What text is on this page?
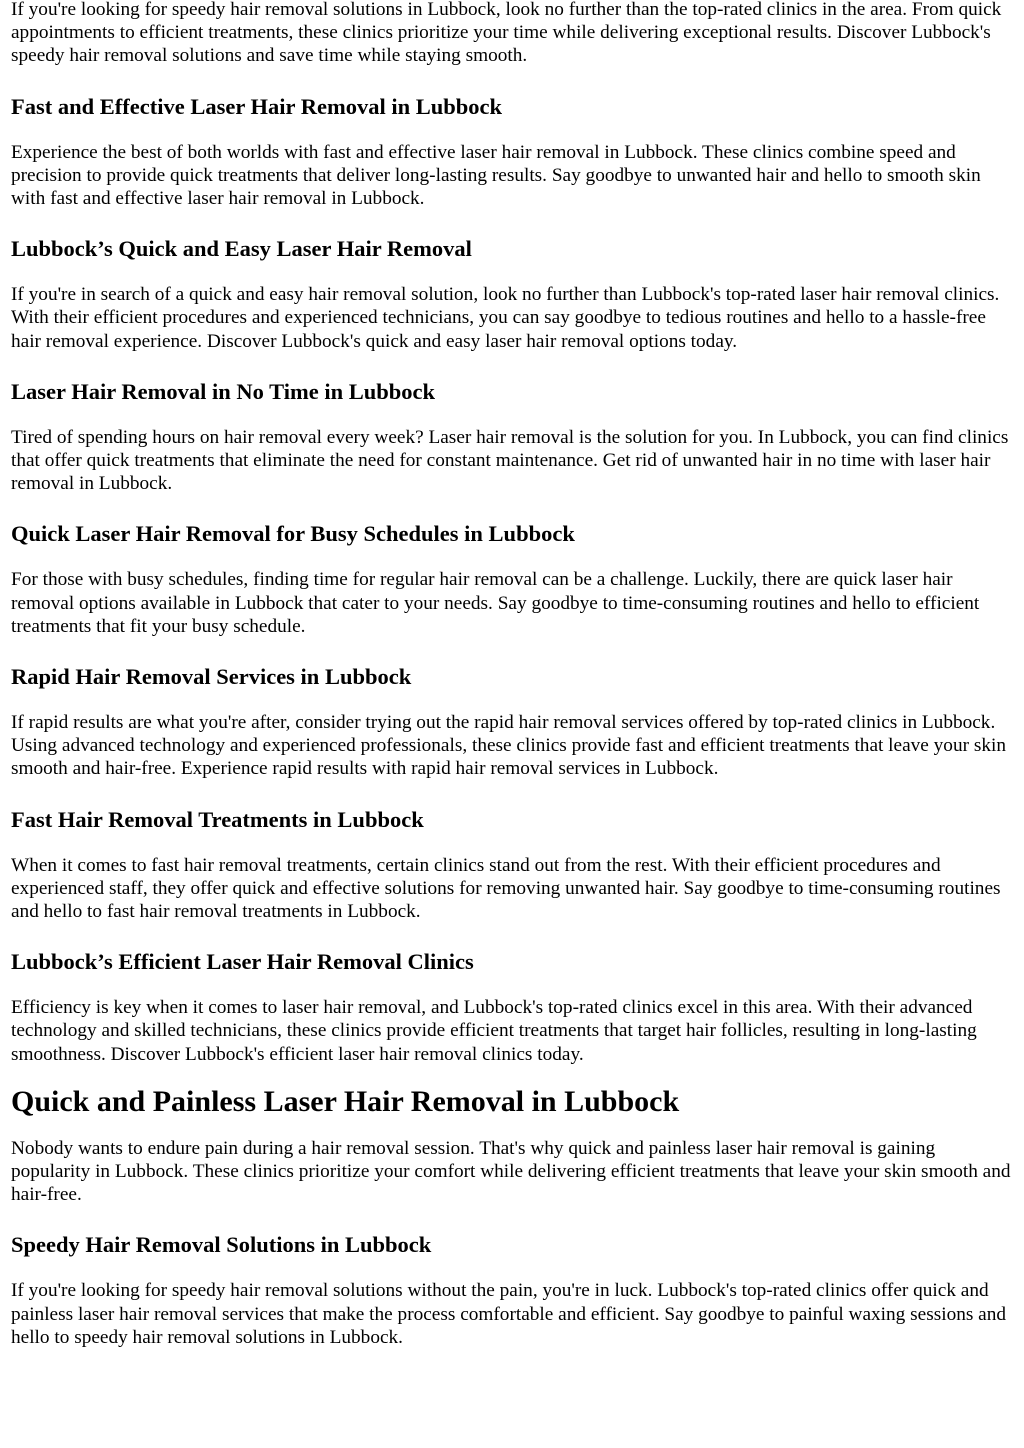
If you're looking for speedy hair removal solutions in Lubbock, look no further than the top-rated clinics in the area. From quick appointments to efficient treatments, these clinics prioritize your time while delivering exceptional results. Discover Lubbock's speedy hair removal solutions and save time while staying smooth.

Fast and Effective Laser Hair Removal in Lubbock

Experience the best of both worlds with fast and effective laser hair removal in Lubbock. These clinics combine speed and precision to provide quick treatments that deliver long-lasting results. Say goodbye to unwanted hair and hello to smooth skin with fast and effective laser hair removal in Lubbock.

Lubbock’s Quick and Easy Laser Hair Removal

If you're in search of a quick and easy hair removal solution, look no further than Lubbock's top-rated laser hair removal clinics. With their efficient procedures and experienced technicians, you can say goodbye to tedious routines and hello to a hassle-free hair removal experience. Discover Lubbock's quick and easy laser hair removal options today.

Laser Hair Removal in No Time in Lubbock

Tired of spending hours on hair removal every week? Laser hair removal is the solution for you. In Lubbock, you can find clinics that offer quick treatments that eliminate the need for constant maintenance. Get rid of unwanted hair in no time with laser hair removal in Lubbock.

Quick Laser Hair Removal for Busy Schedules in Lubbock

For those with busy schedules, finding time for regular hair removal can be a challenge. Luckily, there are quick laser hair removal options available in Lubbock that cater to your needs. Say goodbye to time-consuming routines and hello to efficient treatments that fit your busy schedule.

Rapid Hair Removal Services in Lubbock

If rapid results are what you're after, consider trying out the rapid hair removal services offered by top-rated clinics in Lubbock. Using advanced technology and experienced professionals, these clinics provide fast and efficient treatments that leave your skin smooth and hair-free. Experience rapid results with rapid hair removal services in Lubbock.

Fast Hair Removal Treatments in Lubbock

When it comes to fast hair removal treatments, certain clinics stand out from the rest. With their efficient procedures and experienced staff, they offer quick and effective solutions for removing unwanted hair. Say goodbye to time-consuming routines and hello to fast hair removal treatments in Lubbock.

Lubbock’s Efficient Laser Hair Removal Clinics

Efficiency is key when it comes to laser hair removal, and Lubbock's top-rated clinics excel in this area. With their advanced technology and skilled technicians, these clinics provide efficient treatments that target hair follicles, resulting in long-lasting smoothness. Discover Lubbock's efficient laser hair removal clinics today.

Quick and Painless Laser Hair Removal in Lubbock

Nobody wants to endure pain during a hair removal session. That's why quick and painless laser hair removal is gaining popularity in Lubbock. These clinics prioritize your comfort while delivering efficient treatments that leave your skin smooth and hair-free.

Speedy Hair Removal Solutions in Lubbock

If you're looking for speedy hair removal solutions without the pain, you're in luck. Lubbock's top-rated clinics offer quick and painless laser hair removal services that make the process comfortable and efficient. Say goodbye to painful waxing sessions and hello to speedy hair removal solutions in Lubbock.
